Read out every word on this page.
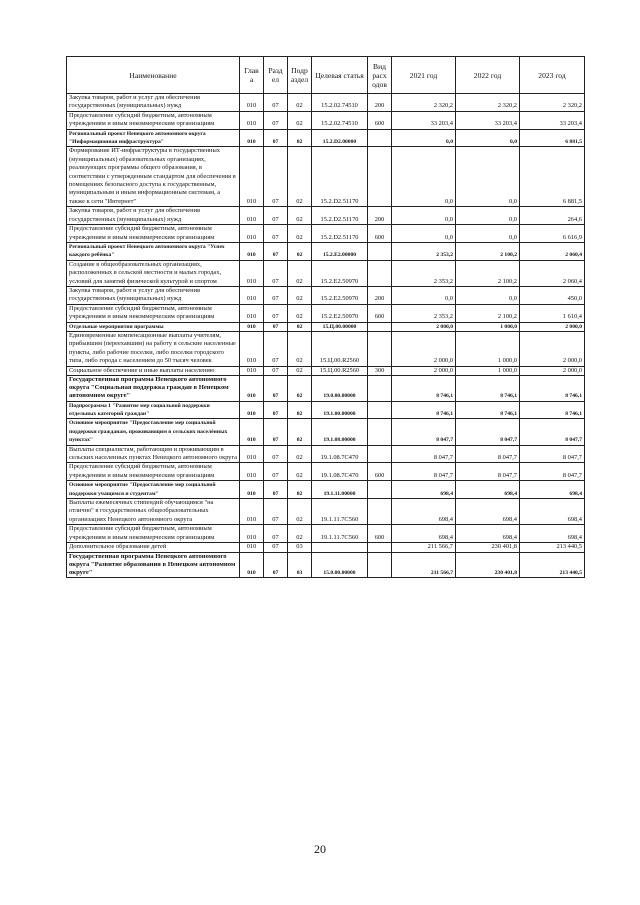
Наименование	Глав а	Разд ел	Подр аздел	Целевая статья	Вид расх одов	2021 год	2022 год	2023 год
Закупка товаров, работ и услуг для обеспечения государственных (муниципальных) нужд	010	07	02	15.2.02.74510	200	2 320,2	2 320,2	2 320,2
Предоставление субсидий бюджетным, автономным учреждениям и иным некоммерческим организациям	010	07	02	15.2.02.74510	600	33 203,4	33 203,4	33 203,4
Региональный проект Ненецкого автономного округа "Информационная инфраструктура"	010	07	02	15.2.D2.00000		0,0	0,0	6 881,5
Формирование ИТ-инфраструктуры в государственных (муниципальных) образовательных организациях, реализующих программы общего образования, в соответствии с утвержденным стандартом для обеспечения в помещениях безопасного доступа к государственным, муниципальным и иным информационным системам, а также к сети "Интернет"	010	07	02	15.2.D2.51170		0,0	0,0	6 881,5
Закупка товаров, работ и услуг для обеспечения государственных (муниципальных) нужд	010	07	02	15.2.D2.51170	200	0,0	0,0	264,6
Предоставление субсидий бюджетным, автономным учреждениям и иным некоммерческим организациям	010	07	02	15.2.D2.51170	600	0,0	0,0	6 616,9
Региональный проект Ненецкого автономного округа "Успех каждого ребёнка"	010	07	02	15.2.E2.00000		2 353,2	2 100,2	2 060,4
Создание в общеобразовательных организациях, расположенных в сельской местности и малых городах, условий для занятий физической культурой и спортом	010	07	02	15.2.E2.50970		2 353,2	2 100,2	2 060,4
Закупка товаров, работ и услуг для обеспечения государственных (муниципальных) нужд	010	07	02	15.2.E2.50970	200	0,0	0,0	450,0
Предоставление субсидий бюджетным, автономным учреждениям и иным некоммерческим организациям	010	07	02	15.2.E2.50970	600	2 353,2	2 100,2	1 610,4
Отдельные мероприятия программы	010	07	02	15.Ц.00.00000		2 000,0	1 000,0	2 000,0
Единовременные компенсационные выплаты учителям, прибывшим (переехавшим) на работу в сельские населенные пункты, либо рабочие поселки, либо поселки городского типа, либо города с населением до 50 тысяч человек	010	07	02	15.Ц.00.R2560		2 000,0	1 000,0	2 000,0
Социальное обеспечение и иные выплаты населению	010	07	02	15.Ц.00.R2560	300	2 000,0	1 000,0	2 000,0
Государственная программа Ненецкого автономного округа "Социальная поддержка граждан в Ненецком автономном округе"	010	07	02	19.0.00.00000		8 746,1	8 746,1	8 746,1
Подпрограмма 1 "Развитие мер социальной поддержки отдельных категорий граждан"	010	07	02	19.1.00.00000		8 746,1	8 746,1	8 746,1
Основное мероприятие "Предоставление мер социальной поддержки гражданам, проживающим в сельских населённых пунктах"	010	07	02	19.1.08.00000		8 047,7	8 047,7	8 047,7
Выплаты специалистам, работающим и проживающим в сельских населенных пунктах Ненецкого автономного округа	010	07	02	19.1.08.7С470		8 047,7	8 047,7	8 047,7
Предоставление субсидий бюджетным, автономным учреждениям и иным некоммерческим организациям	010	07	02	19.1.08.7С470	600	8 047,7	8 047,7	8 047,7
Основное мероприятие "Предоставление мер социальной поддержки учащимся и студентам"	010	07	02	19.1.11.00000		698,4	698,4	698,4
Выплаты ежемесячных стипендий обучающимся "на отлично" в государственных общеобразовательных организациях Ненецкого автономного округа	010	07	02	19.1.11.7С560		698,4	698,4	698,4
Предоставление субсидий бюджетным, автономным учреждениям и иным некоммерческим организациям	010	07	02	19.1.11.7С560	600	698,4	698,4	698,4
Дополнительное образование детей	010	07	03			211 566,7	230 401,8	213 440,5
Государственная программа Ненецкого автономного округа "Развитие образования в Ненецком автономном округе"	010	07	03	15.0.00.00000		211 566,7	230 401,8	213 440,5
20
